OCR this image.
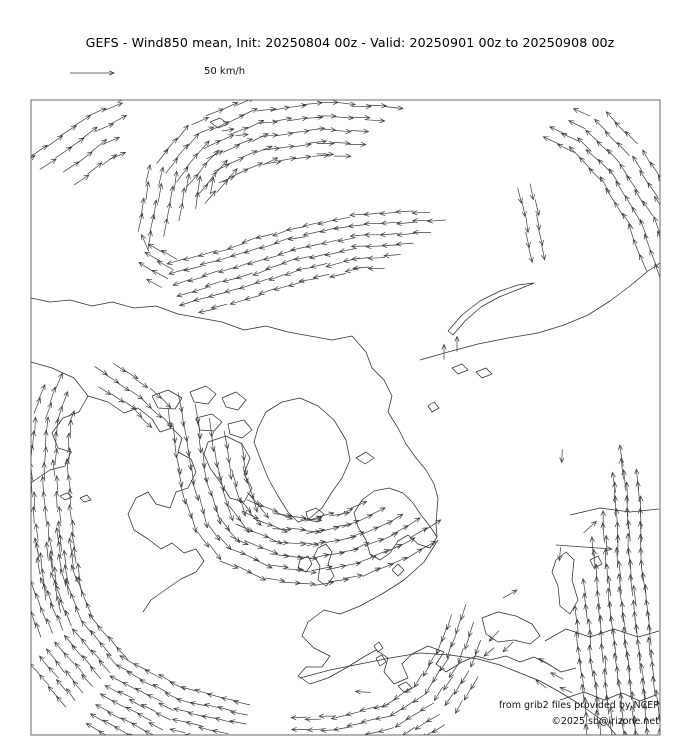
GEFS - Wind850 mean, Init: 20250804 00z - Valid: 20250901 00z to 20250908 00z
50 km/h
from grib2 files provided by NCEP
©2025 sb@irizone.net
